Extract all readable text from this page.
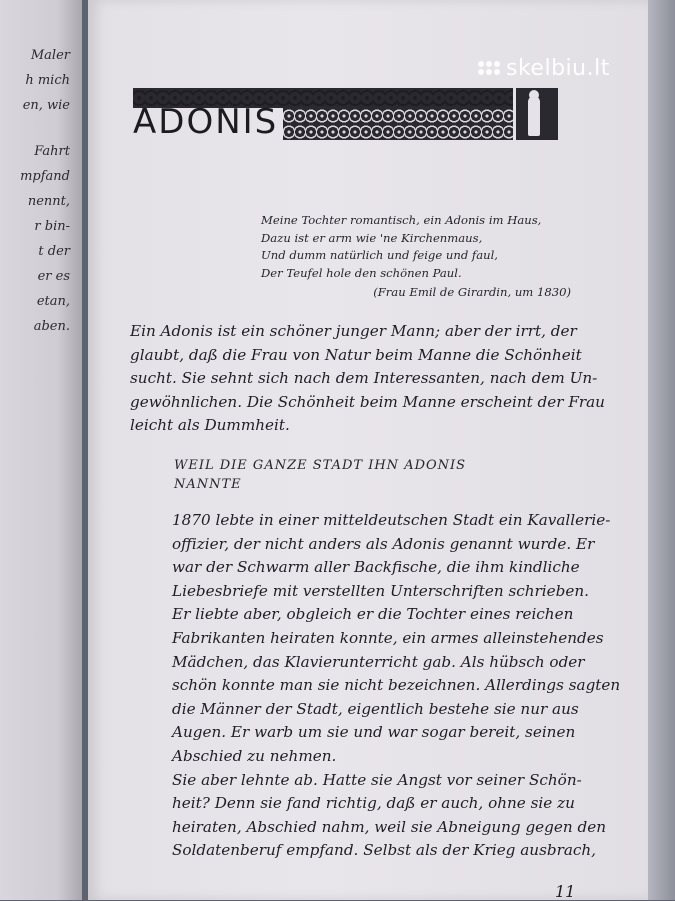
Maler
h mich
en, wie
Fahrt
mpfand
nennt,
r bin-
t der
er es
etan,
aben.
skelbiu.lt
ADONIS
Meine Tochter romantisch, ein Adonis im Haus,
Dazu ist er arm wie 'ne Kirchenmaus,
Und dumm natürlich und feige und faul,
Der Teufel hole den schönen Paul.
(Frau Emil de Girardin, um 1830)
Ein Adonis ist ein schöner junger Mann; aber der irrt, der
glaubt, daß die Frau von Natur beim Manne die Schönheit
sucht. Sie sehnt sich nach dem Interessanten, nach dem Un-
gewöhnlichen. Die Schönheit beim Manne erscheint der Frau
leicht als Dummheit.
WEIL DIE GANZE STADT IHN ADONIS
NANNTE
1870 lebte in einer mitteldeutschen Stadt ein Kavallerie-
offizier, der nicht anders als Adonis genannt wurde. Er
war der Schwarm aller Backfische, die ihm kindliche
Liebesbriefe mit verstellten Unterschriften schrieben.
Er liebte aber, obgleich er die Tochter eines reichen
Fabrikanten heiraten konnte, ein armes alleinstehendes
Mädchen, das Klavierunterricht gab. Als hübsch oder
schön konnte man sie nicht bezeichnen. Allerdings sagten
die Männer der Stadt, eigentlich bestehe sie nur aus
Augen. Er warb um sie und war sogar bereit, seinen
Abschied zu nehmen.
Sie aber lehnte ab. Hatte sie Angst vor seiner Schön-
heit? Denn sie fand richtig, daß er auch, ohne sie zu
heiraten, Abschied nahm, weil sie Abneigung gegen den
Soldatenberuf empfand. Selbst als der Krieg ausbrach,
11
